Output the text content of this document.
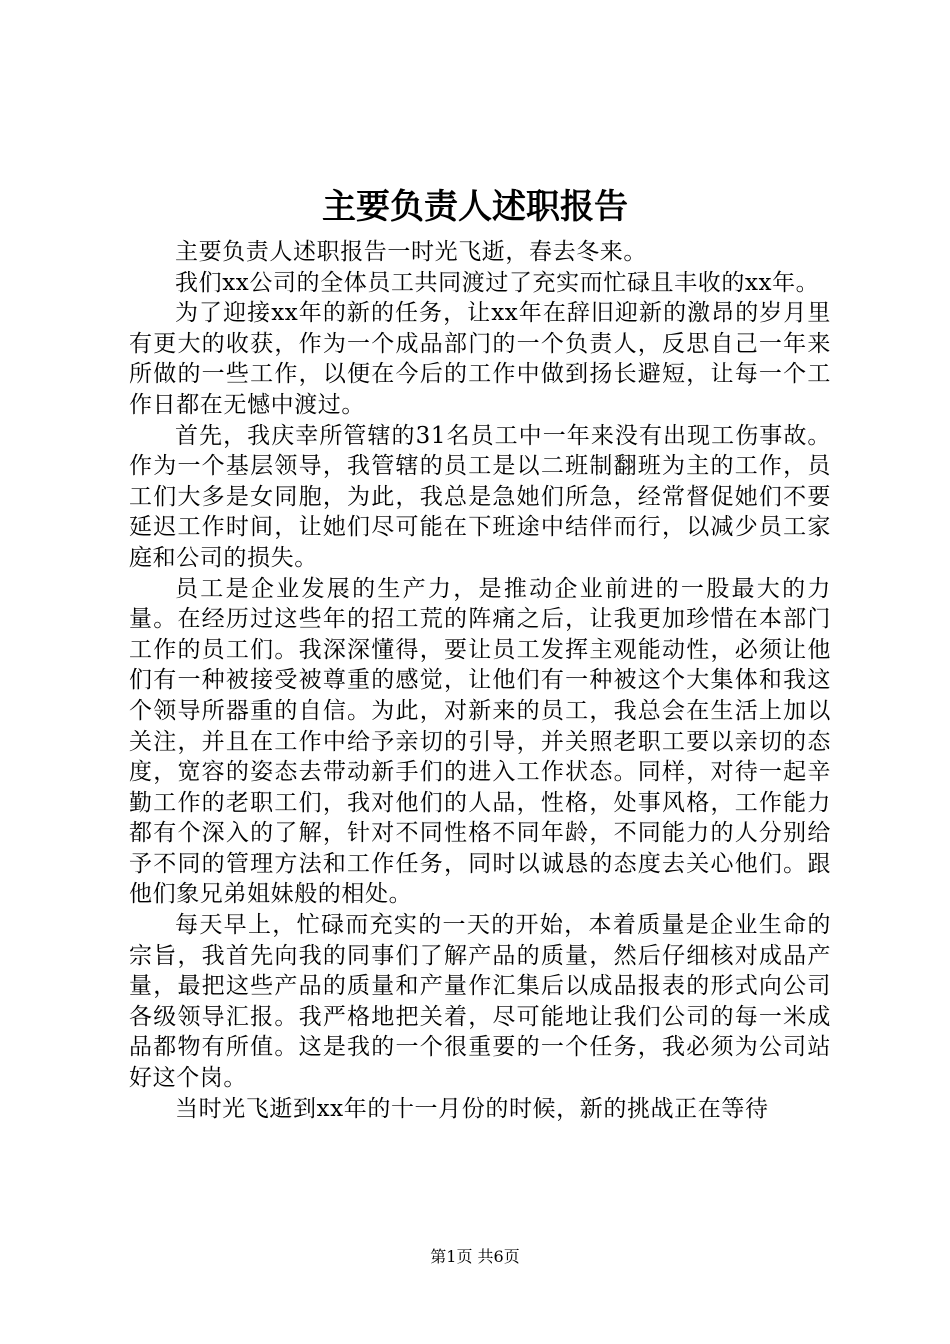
主要负责人述职报告

主要负责人述职报告一时光飞逝，春去冬来。

我们xx公司的全体员工共同渡过了充实而忙碌且丰收的xx年。

为了迎接xx年的新的任务，让xx年在辞旧迎新的激昂的岁月里有更大的收获，作为一个成品部门的一个负责人，反思自己一年来所做的一些工作，以便在今后的工作中做到扬长避短，让每一个工作日都在无憾中渡过。

首先，我庆幸所管辖的31名员工中一年来没有出现工伤事故。作为一个基层领导，我管辖的员工是以二班制翻班为主的工作，员工们大多是女同胞，为此，我总是急她们所急，经常督促她们不要延迟工作时间，让她们尽可能在下班途中结伴而行，以减少员工家庭和公司的损失。

员工是企业发展的生产力，是推动企业前进的一股最大的力量。在经历过这些年的招工荒的阵痛之后，让我更加珍惜在本部门工作的员工们。我深深懂得，要让员工发挥主观能动性，必须让他们有一种被接受被尊重的感觉，让他们有一种被这个大集体和我这个领导所器重的自信。为此，对新来的员工，我总会在生活上加以关注，并且在工作中给予亲切的引导，并关照老职工要以亲切的态度，宽容的姿态去带动新手们的进入工作状态。同样，对待一起辛勤工作的老职工们，我对他们的人品，性格，处事风格，工作能力都有个深入的了解，针对不同性格不同年龄，不同能力的人分别给予不同的管理方法和工作任务，同时以诚恳的态度去关心他们。跟他们象兄弟姐妹般的相处。

每天早上，忙碌而充实的一天的开始，本着质量是企业生命的宗旨，我首先向我的同事们了解产品的质量，然后仔细核对成品产量，最把这些产品的质量和产量作汇集后以成品报表的形式向公司各级领导汇报。我严格地把关着，尽可能地让我们公司的每一米成品都物有所值。这是我的一个很重要的一个任务，我必须为公司站好这个岗。

当时光飞逝到xx年的十一月份的时候，新的挑战正在等待

第1页 共6页
